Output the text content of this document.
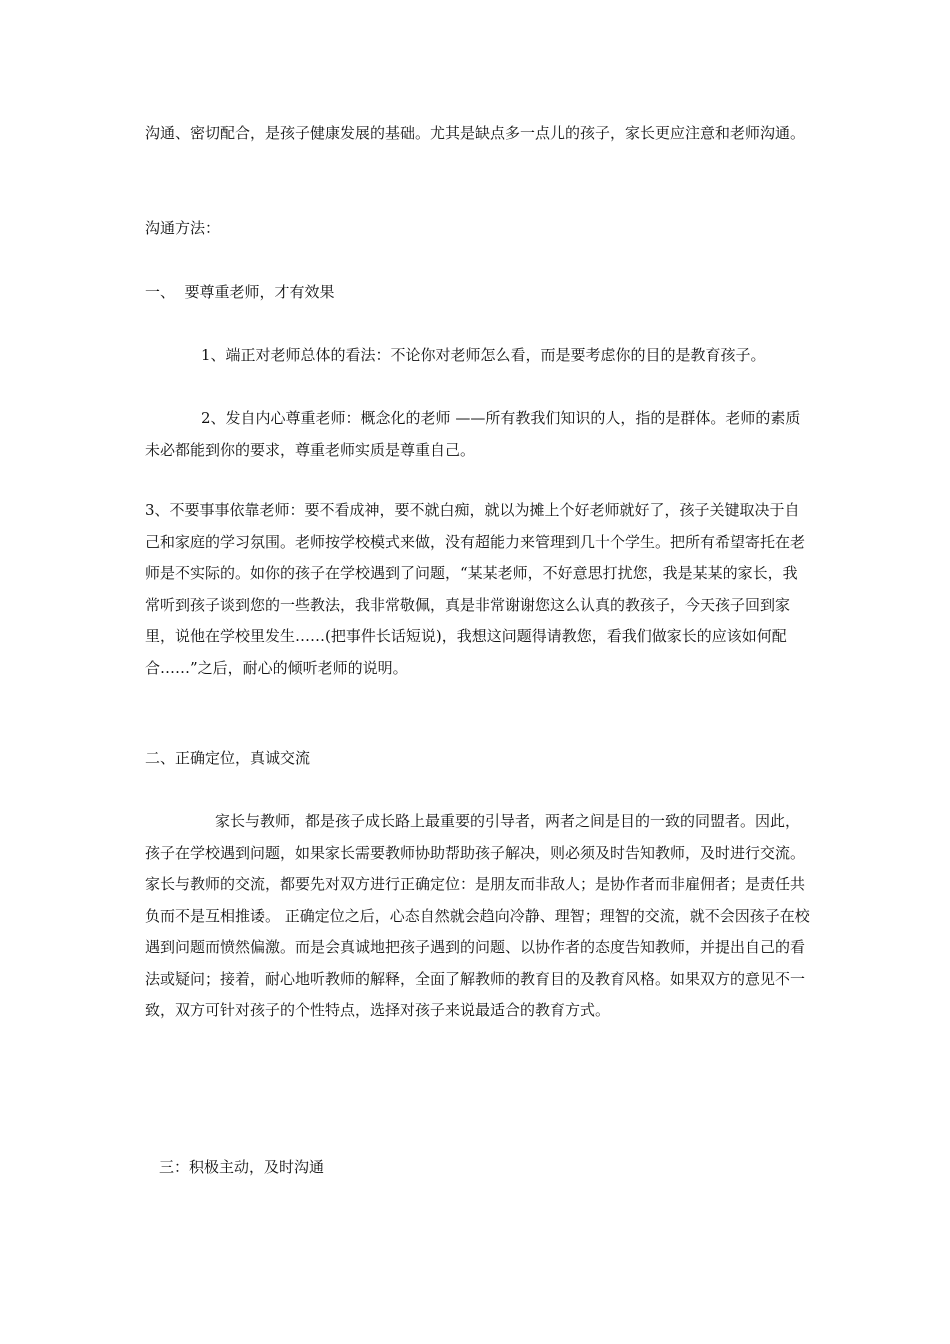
沟通、密切配合，是孩子健康发展的基础。尤其是缺点多一点儿的孩子，家长更应注意和老师沟通。

沟通方法：

一、  要尊重老师，才有效果

1、端正对老师总体的看法：不论你对老师怎么看，而是要考虑你的目的是教育孩子。

2、发自内心尊重老师：概念化的老师 ——所有教我们知识的人，指的是群体。老师的素质未必都能到你的要求，尊重老师实质是尊重自己。

3、不要事事依靠老师：要不看成神，要不就白痴，就以为摊上个好老师就好了，孩子关键取决于自己和家庭的学习氛围。老师按学校模式来做，没有超能力来管理到几十个学生。把所有希望寄托在老师是不实际的。如你的孩子在学校遇到了问题，“某某老师，不好意思打扰您，我是某某的家长，我常听到孩子谈到您的一些教法，我非常敬佩，真是非常谢谢您这么认真的教孩子，今天孩子回到家里，说他在学校里发生……(把事件长话短说)，我想这问题得请教您，看我们做家长的应该如何配合……”之后，耐心的倾听老师的说明。

二、正确定位，真诚交流

家长与教师，都是孩子成长路上最重要的引导者，两者之间是目的一致的同盟者。因此，孩子在学校遇到问题，如果家长需要教师协助帮助孩子解决，则必须及时告知教师，及时进行交流。 家长与教师的交流，都要先对双方进行正确定位：是朋友而非敌人；是协作者而非雇佣者；是责任共负而不是互相推诿。 正确定位之后，心态自然就会趋向冷静、理智；理智的交流，就不会因孩子在校遇到问题而愤然偏激。而是会真诚地把孩子遇到的问题、以协作者的态度告知教师，并提出自己的看法或疑问；接着，耐心地听教师的解释，全面了解教师的教育目的及教育风格。如果双方的意见不一致，双方可针对孩子的个性特点，选择对孩子来说最适合的教育方式。

三：积极主动，及时沟通
